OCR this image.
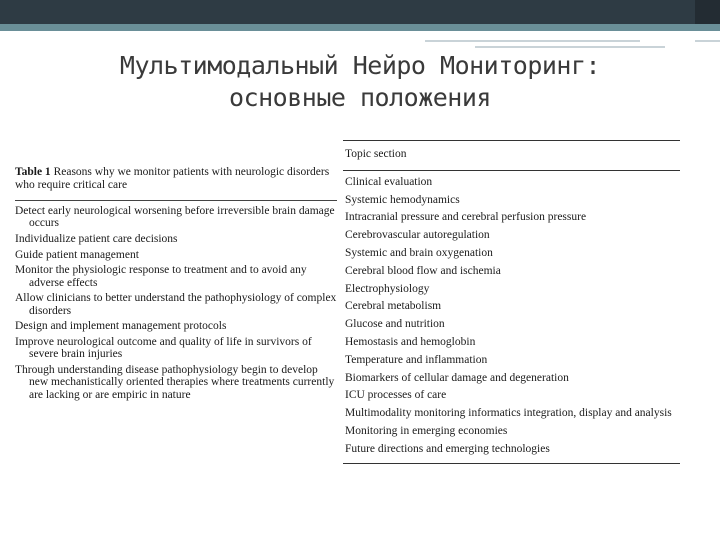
Мультимодальный Нейро Мониторинг:
основные положения
Table 1 Reasons why we monitor patients with neurologic disorders who require critical care
Detect early neurological worsening before irreversible brain damage occurs
Individualize patient care decisions
Guide patient management
Monitor the physiologic response to treatment and to avoid any adverse effects
Allow clinicians to better understand the pathophysiology of complex disorders
Design and implement management protocols
Improve neurological outcome and quality of life in survivors of severe brain injuries
Through understanding disease pathophysiology begin to develop new mechanistically oriented therapies where treatments currently are lacking or are empiric in nature
Topic section
Clinical evaluation
Systemic hemodynamics
Intracranial pressure and cerebral perfusion pressure
Cerebrovascular autoregulation
Systemic and brain oxygenation
Cerebral blood flow and ischemia
Electrophysiology
Cerebral metabolism
Glucose and nutrition
Hemostasis and hemoglobin
Temperature and inflammation
Biomarkers of cellular damage and degeneration
ICU processes of care
Multimodality monitoring informatics integration, display and analysis
Monitoring in emerging economies
Future directions and emerging technologies
